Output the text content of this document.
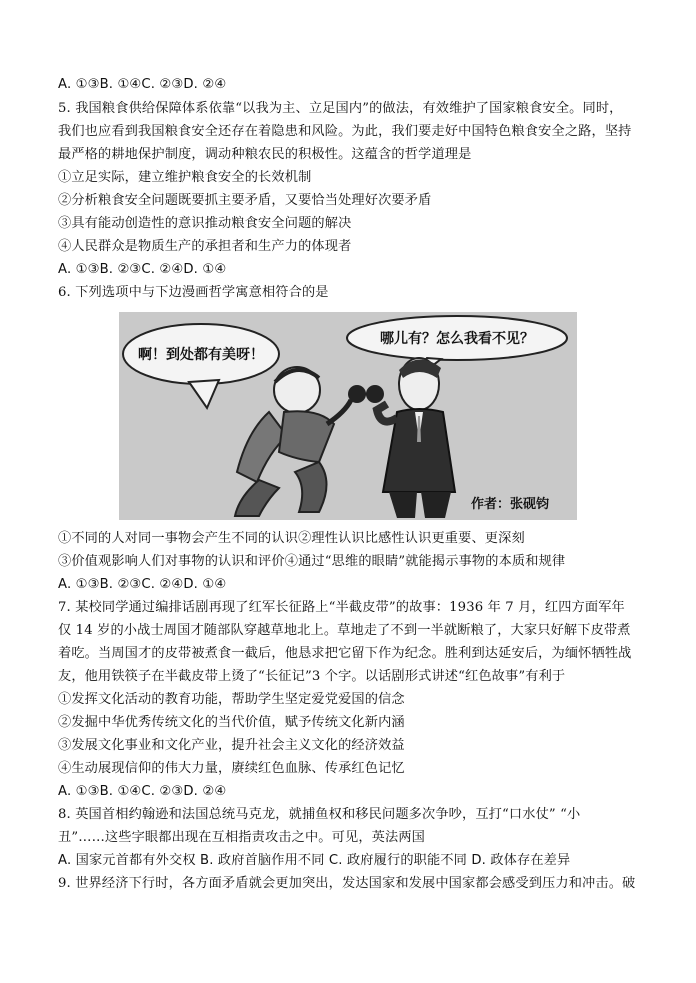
A. ①③B. ①④C. ②③D. ②④
5. 我国粮食供给保障体系依靠“以我为主、立足国内”的做法，有效维护了国家粮食安全。同时，
我们也应看到我国粮食安全还存在着隐患和风险。为此，我们要走好中国特色粮食安全之路，坚持
最严格的耕地保护制度，调动种粮农民的积极性。这蕴含的哲学道理是
①立足实际，建立维护粮食安全的长效机制
②分析粮食安全问题既要抓主要矛盾，又要恰当处理好次要矛盾
③具有能动创造性的意识推动粮食安全问题的解决
④人民群众是物质生产的承担者和生产力的体现者
A. ①③B. ②③C. ②④D. ①④
6. 下列选项中与下边漫画哲学寓意相符合的是
啊！到处都有美呀！
哪儿有？怎么我看不见？
作者：张砚钧
①不同的人对同一事物会产生不同的认识②理性认识比感性认识更重要、更深刻
③价值观影响人们对事物的认识和评价④通过“思维的眼睛”就能揭示事物的本质和规律
A. ①③B. ②③C. ②④D. ①④
7. 某校同学通过编排话剧再现了红军长征路上“半截皮带”的故事：1936 年 7 月，红四方面军年
仅 14 岁的小战士周国才随部队穿越草地北上。草地走了不到一半就断粮了，大家只好解下皮带煮
着吃。当周国才的皮带被煮食一截后，他恳求把它留下作为纪念。胜利到达延安后，为缅怀牺牲战
友，他用铁筷子在半截皮带上烫了“长征记”3 个字。以话剧形式讲述“红色故事”有利于
①发挥文化活动的教育功能，帮助学生坚定爱党爱国的信念
②发掘中华优秀传统文化的当代价值，赋予传统文化新内涵
③发展文化事业和文化产业，提升社会主义文化的经济效益
④生动展现信仰的伟大力量，赓续红色血脉、传承红色记忆
A. ①③B. ①④C. ②③D. ②④
8. 英国首相约翰逊和法国总统马克龙，就捕鱼权和移民问题多次争吵，互打“口水仗” “小
丑”……这些字眼都出现在互相指责攻击之中。可见，英法两国
A. 国家元首都有外交权 B. 政府首脑作用不同 C. 政府履行的职能不同 D. 政体存在差异
9. 世界经济下行时，各方面矛盾就会更加突出，发达国家和发展中国家都会感受到压力和冲击。破
